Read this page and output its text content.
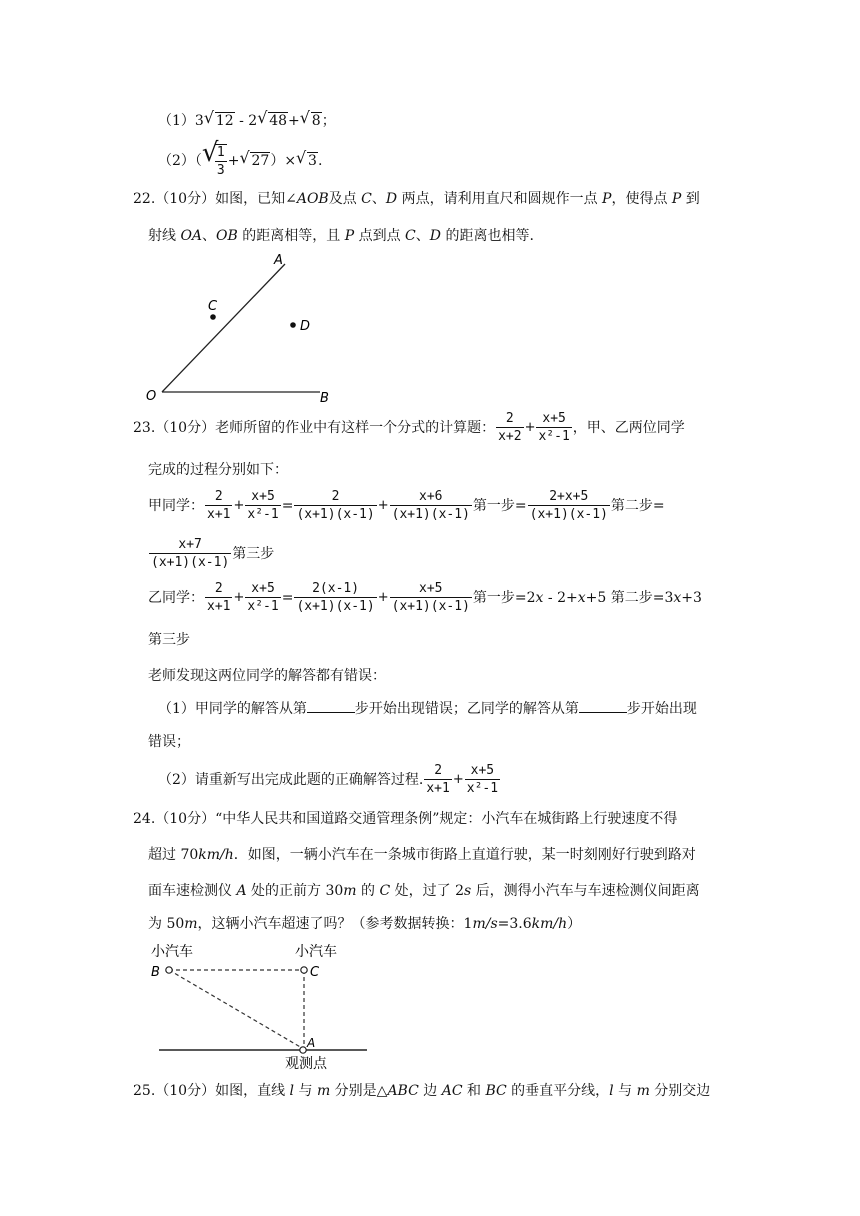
（1）3 √ 12 - 2 √ 48+ √ 8；
（2）（ √
$\frac{1}{3}$ + √ 27）× √ 3.
22.（10分）如图，已知∠AOB及点 C、D 两点，请利用直尺和圆规作一点 P，使得点 P 到
射线 OA、OB 的距离相等，且 P 点到点 C、D 的距离也相等.
A
C
D
O	B
23.（10分）老师所留的作业中有这样一个分式的计算题： $\frac{2}{x+2} + \frac{x+5}{\text{x²-1}}$ ，甲、乙两位同学
完成的过程分别如下：
甲同学： $\frac{2}{x+1} + \frac{x+5}{\text{x²-1}} = \frac{2}{(x+1)(x-1)} + \frac{x+6}{(x+1)(x-1)}$ 第一步= $\frac{2+x+5}{(x+1)(x-1)}$ 第二步=
$\frac{x+7}{(x+1)(x-1)}$ 第三步
乙同学： $\frac{2}{x+1} + \frac{x+5}{\text{x²-1}} = \frac{2(x-1)}{(x+1)(x-1)} + \frac{x+5}{(x+1)(x-1)}$ 第一步=2x - 2+x+5 第二步=3x+3
第三步
老师发现这两位同学的解答都有错误：
（1）甲同学的解答从第	步开始出现错误；乙同学的解答从第	步开始出现
错误；
（2）请重新写出完成此题的正确解答过程. $\frac{2}{x+1} + \frac{x+5}{\text{x²-1}}$
24.（10分）“中华人民共和国道路交通管理条例”规定：小汽车在城街路上行驶速度不得
超过 70km/h．如图，一辆小汽车在一条城市街路上直道行驶，某一时刻刚好行驶到路对
面车速检测仪 A 处的正前方 30m 的 C 处，过了 2s 后，测得小汽车与车速检测仪间距离
为 50m，这辆小汽车超速了吗？（参考数据转换：1m/s=3.6km/h）
小汽车	小汽车
B	C
A
观测点
25.（10分）如图，直线 l 与 m 分别是△ABC 边 AC 和 BC 的垂直平分线，l 与 m 分别交边
